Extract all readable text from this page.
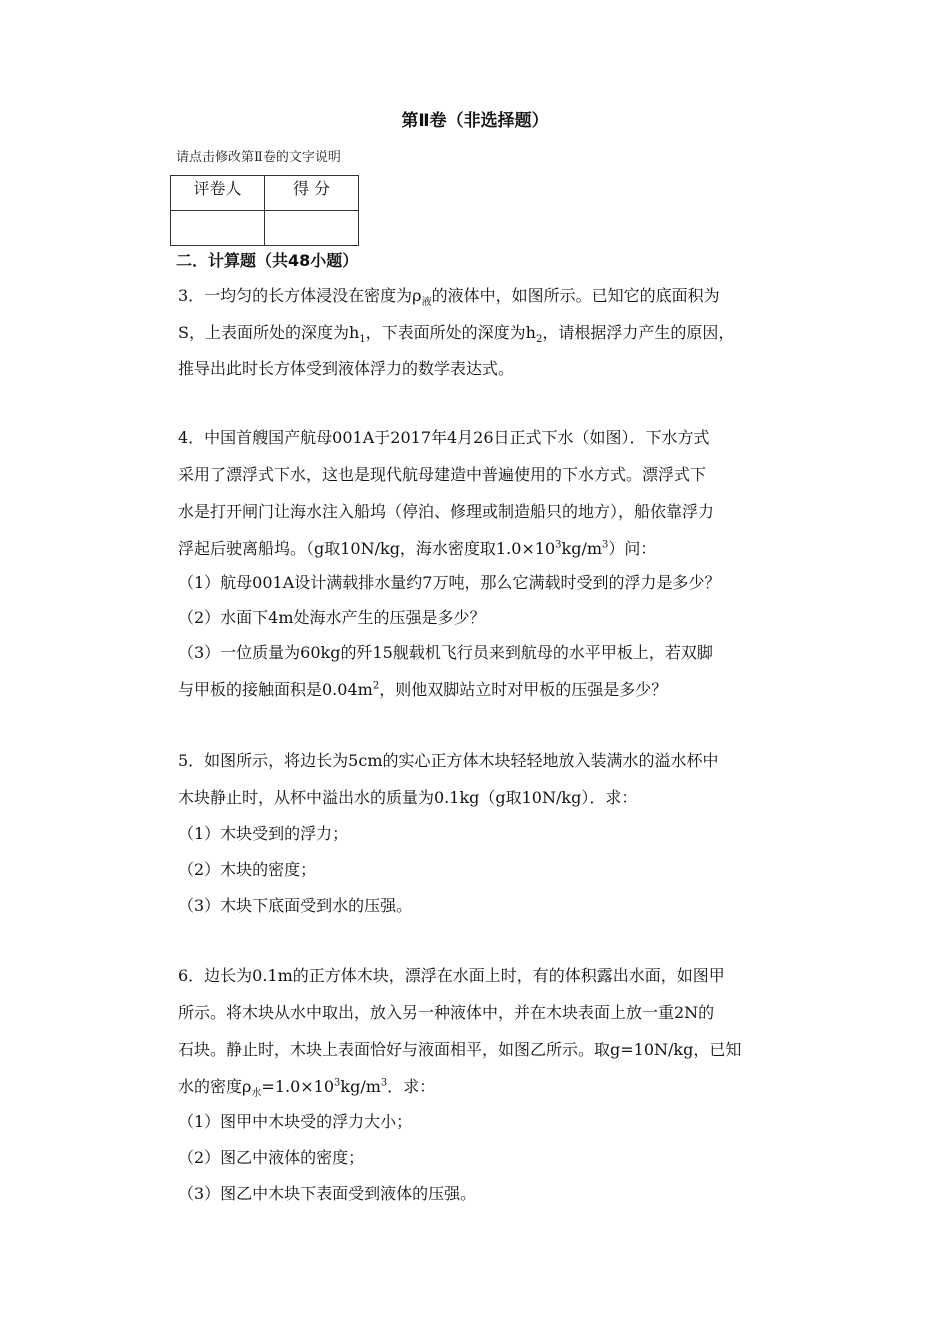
第Ⅱ卷（非选择题）
请点击修改第Ⅱ卷的文字说明
评卷人	得 分

二．计算题（共48小题）
3．一均匀的长方体浸没在密度为$\rho_液$的液体中，如图所示。已知它的底面积为
S，上表面所处的深度为$h_1$，下表面所处的深度为$h_2$，请根据浮力产生的原因，
推导出此时长方体受到液体浮力的数学表达式。
4．中国首艘国产航母001A于2017年4月26日正式下水（如图）．下水方式
采用了漂浮式下水，这也是现代航母建造中普遍使用的下水方式。漂浮式下
水是打开闸门让海水注入船坞（停泊、修理或制造船只的地方），船依靠浮力
浮起后驶离船坞。（g取10N/kg，海水密度取$1.0\times 10^3kg/m^3$）问：
（1）航母001A设计满载排水量约7万吨，那么它满载时受到的浮力是多少？
（2）水面下4m处海水产生的压强是多少？
（3）一位质量为60kg的歼15舰载机飞行员来到航母的水平甲板上，若双脚
与甲板的接触面积是$0.04m^2$，则他双脚站立时对甲板的压强是多少？
5．如图所示，将边长为5cm的实心正方体木块轻轻地放入装满水的溢水杯中
木块静止时，从杯中溢出水的质量为0.1kg（g取10N/kg）．求：
（1）木块受到的浮力；
（2）木块的密度；
（3）木块下底面受到水的压强。
6．边长为0.1m的正方体木块，漂浮在水面上时，有的体积露出水面，如图甲
所示。将木块从水中取出，放入另一种液体中，并在木块表面上放一重2N的
石块。静止时，木块上表面恰好与液面相平，如图乙所示。取g=10N/kg，已知
水的密度$\rho_水=1.0\times 10^3kg/m^3$．求：
（1）图甲中木块受的浮力大小；
（2）图乙中液体的密度；
（3）图乙中木块下表面受到液体的压强。
